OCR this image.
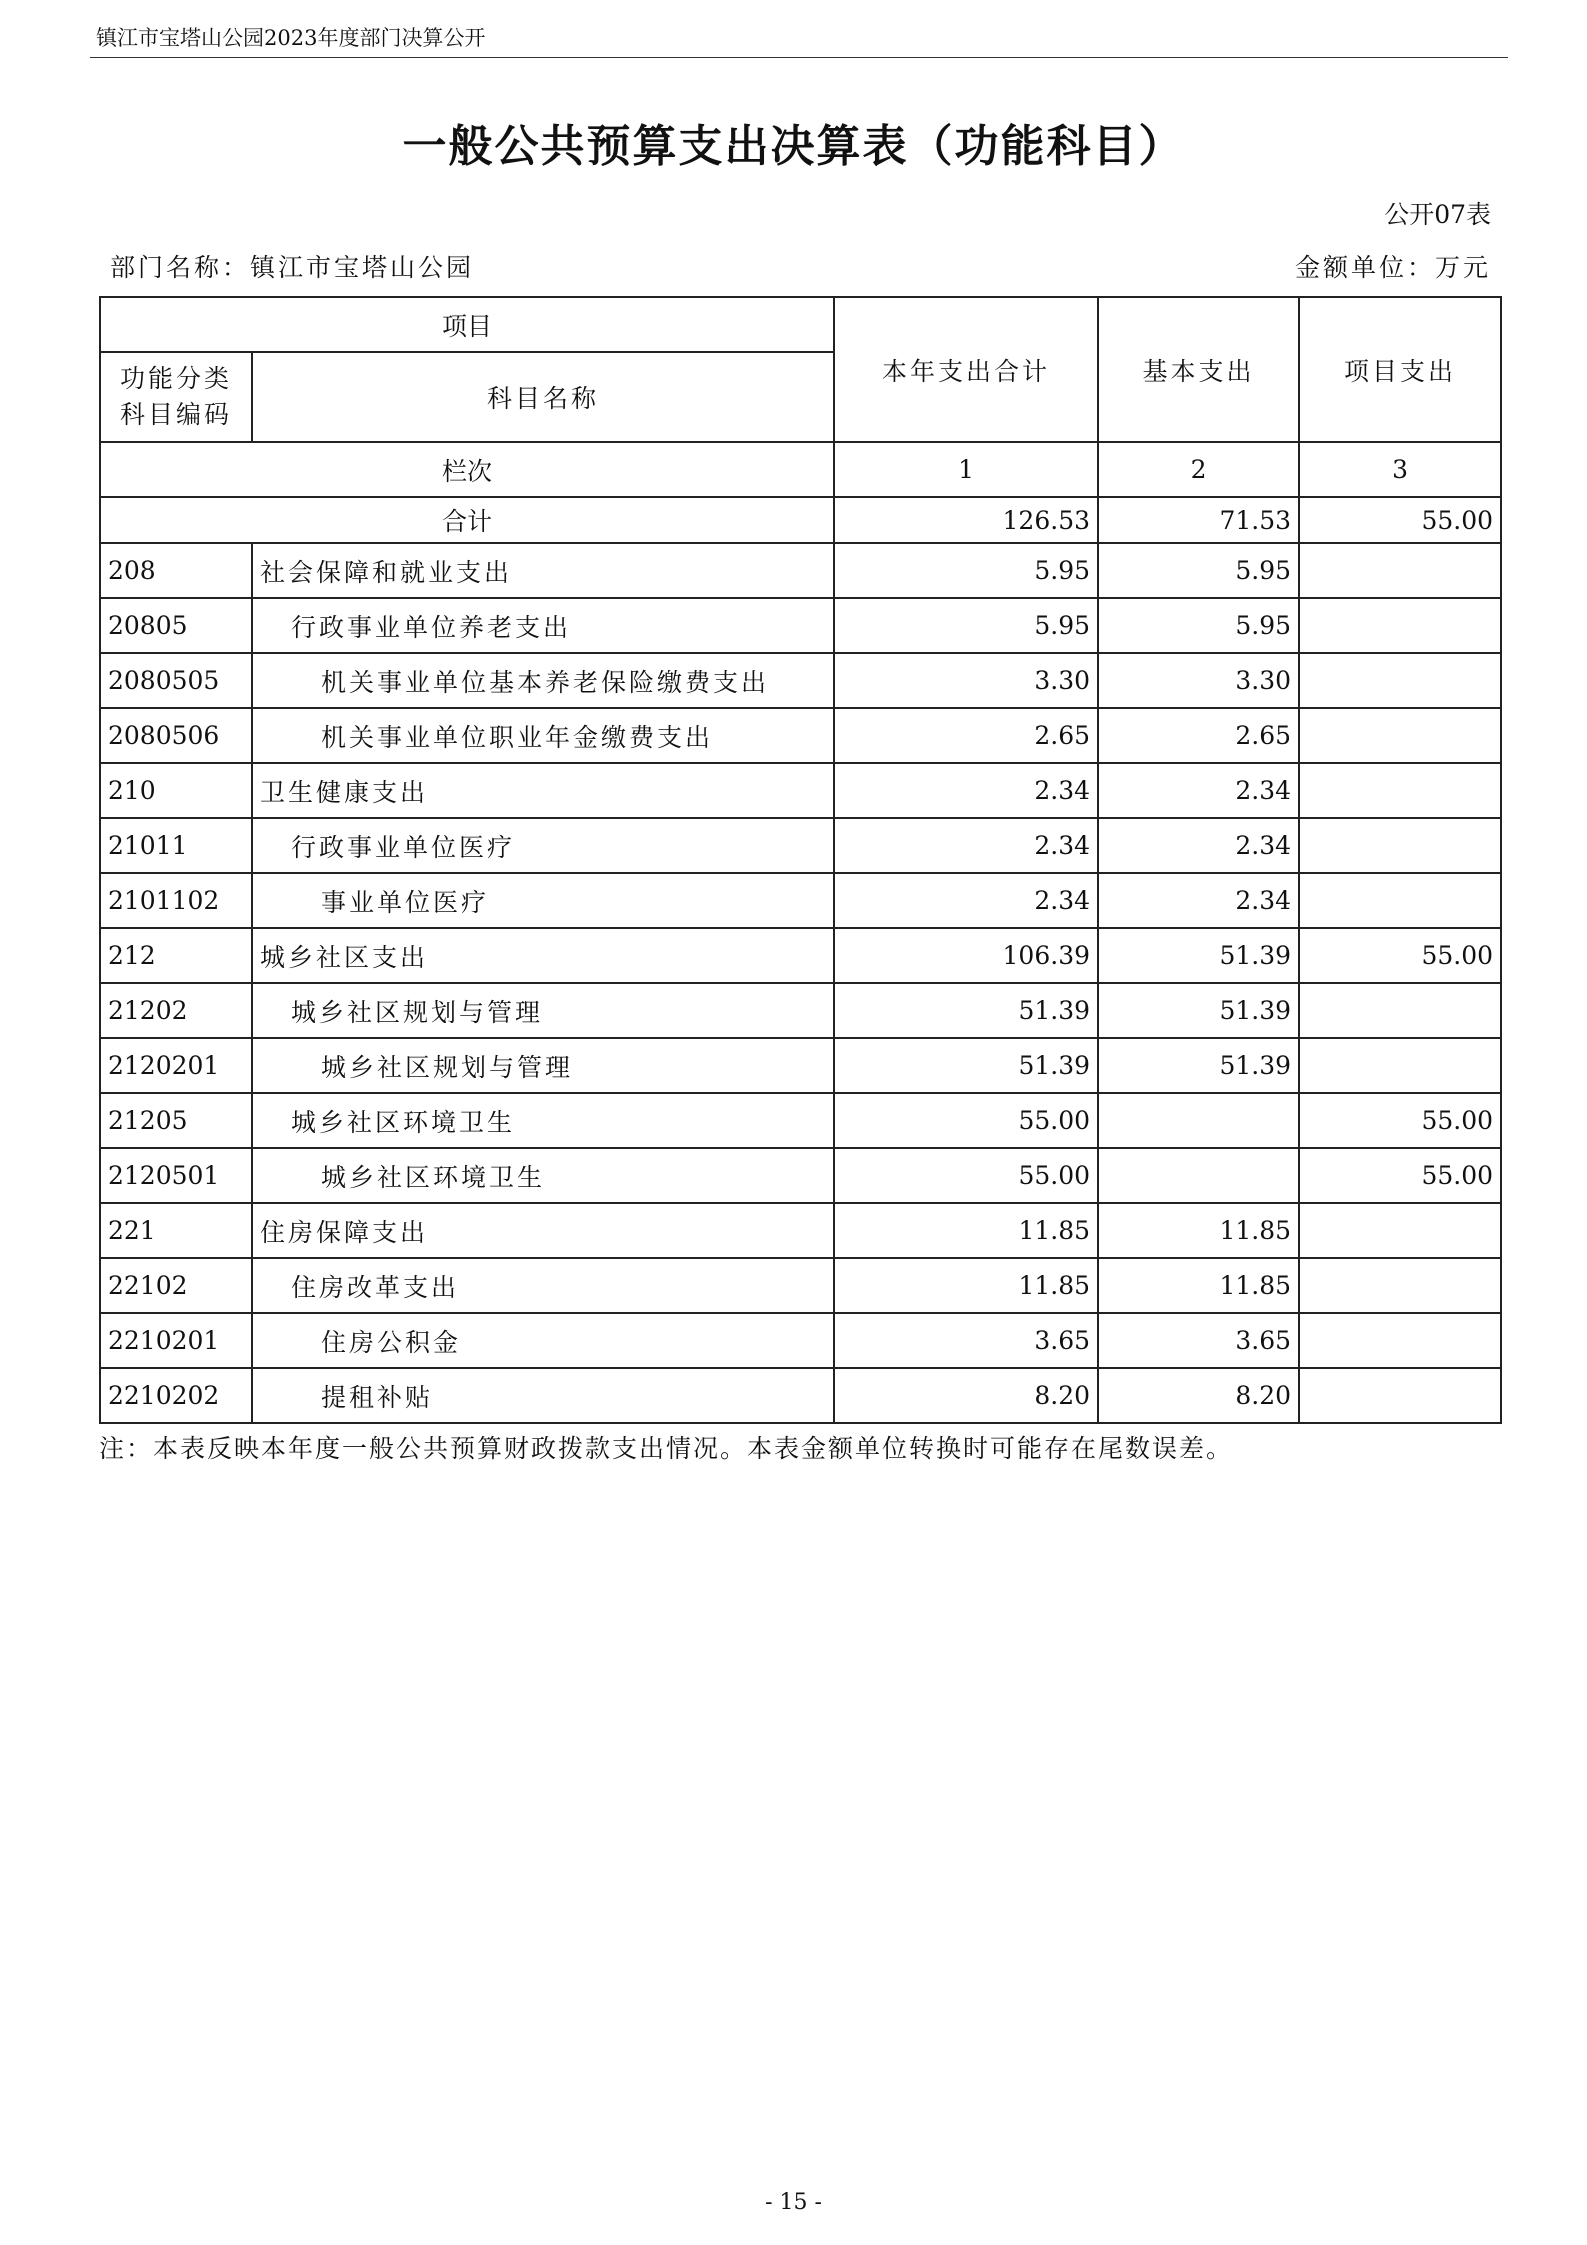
镇江市宝塔山公园2023年度部门决算公开
一般公共预算支出决算表（功能科目）
公开07表
部门名称：镇江市宝塔山公园	金额单位：万元
项目		本年支出合计	基本支出	项目支出
功能分类科目编码	科目名称			
栏次		1	2	3
合计		126.53	71.53	55.00
208	社会保障和就业支出	5.95	5.95	
20805	行政事业单位养老支出	5.95	5.95	
2080505	机关事业单位基本养老保险缴费支出	3.30	3.30	
2080506	机关事业单位职业年金缴费支出	2.65	2.65	
210	卫生健康支出	2.34	2.34	
21011	行政事业单位医疗	2.34	2.34	
2101102	事业单位医疗	2.34	2.34	
212	城乡社区支出	106.39	51.39	55.00
21202	城乡社区规划与管理	51.39	51.39	
2120201	城乡社区规划与管理	51.39	51.39	
21205	城乡社区环境卫生	55.00		55.00
2120501	城乡社区环境卫生	55.00		55.00
221	住房保障支出	11.85	11.85	
22102	住房改革支出	11.85	11.85	
2210201	住房公积金	3.65	3.65	
2210202	提租补贴	8.20	8.20	
注：本表反映本年度一般公共预算财政拨款支出情况。本表金额单位转换时可能存在尾数误差。
- 15 -
